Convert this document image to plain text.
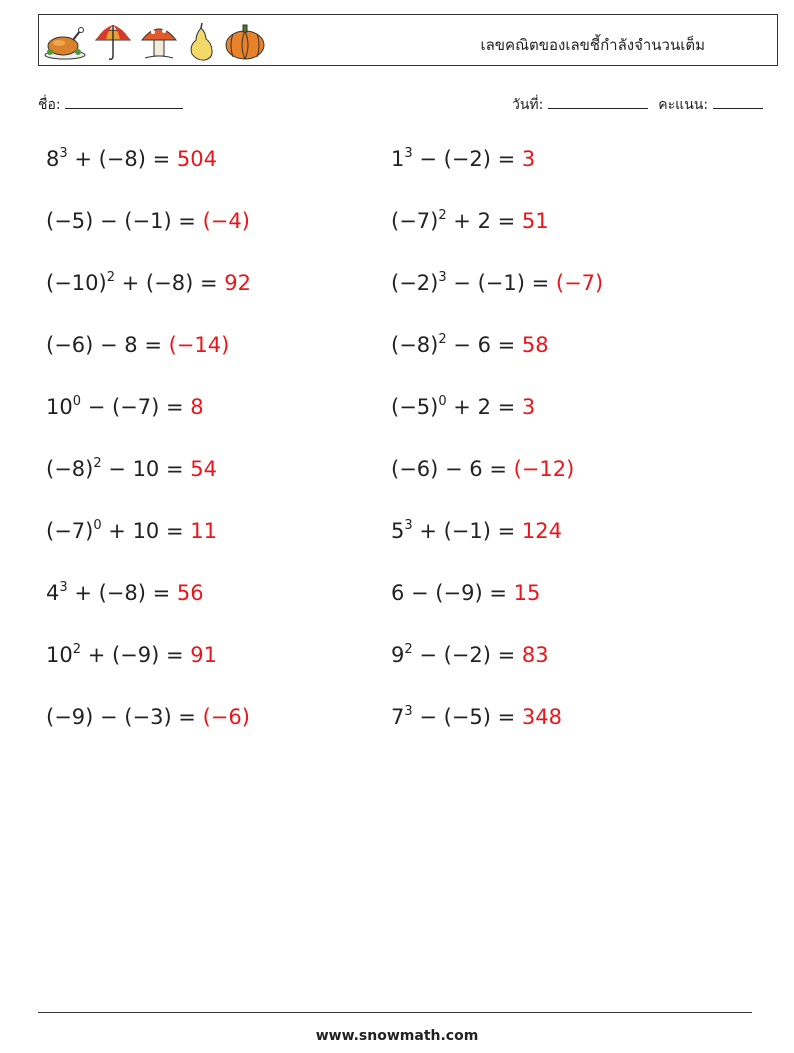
เลขคณิตของเลขชี้กำลังจำนวนเต็ม
ชื่อ:	วันที่:	คะแนน:
$8^3 + (-8) = 504$	$1^3 - (-2) = 3$
(−5) − (−1) = (−4)	$(-7)^2 + 2 = 51$
$(-10)^2 + (-8) = 92$	$(-2)^3 - (-1) = (-7)$
(−6) − 8 = (−14)	$(-8)^2 - 6 = 58$
$10^0 - (-7) = 8$	$(-5)^0 + 2 = 3$
$(-8)^2 - 10 = 54$	(−6) − 6 = (−12)
$(-7)^0 + 10 = 11$	$5^3 + (-1) = 124$
$4^3 + (-8) = 56$	6 − (−9) = 15
$10^2 + (-9) = 91$	$9^2 - (-2) = 83$
(−9) − (−3) = (−6)	$7^3 - (-5) = 348$
www.snowmath.com
